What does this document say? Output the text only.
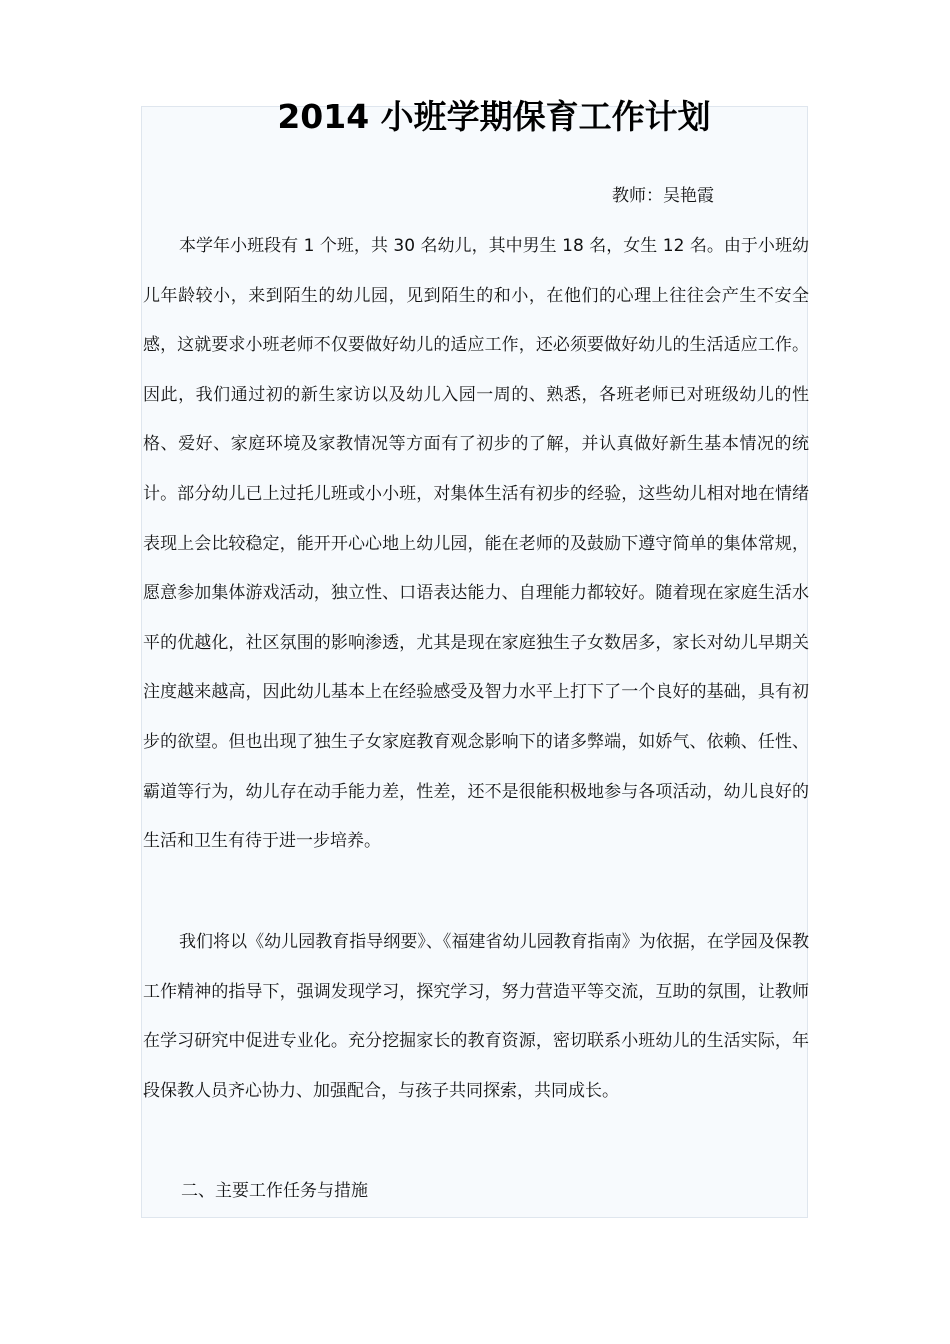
2014 小班学期保育工作计划

教师：吴艳霞

本学年小班段有 1 个班，共 30 名幼儿，其中男生 18 名，女生 12 名。由于小班幼儿年龄较小，来到陌生的幼儿园，见到陌生的和小，在他们的心理上往往会产生不安全感，这就要求小班老师不仅要做好幼儿的适应工作，还必须要做好幼儿的生活适应工作。因此，我们通过初的新生家访以及幼儿入园一周的、熟悉，各班老师已对班级幼儿的性格、爱好、家庭环境及家教情况等方面有了初步的了解，并认真做好新生基本情况的统计。部分幼儿已上过托儿班或小小班，对集体生活有初步的经验，这些幼儿相对地在情绪表现上会比较稳定，能开开心心地上幼儿园，能在老师的及鼓励下遵守简单的集体常规，愿意参加集体游戏活动，独立性、口语表达能力、自理能力都较好。随着现在家庭生活水平的优越化，社区氛围的影响渗透，尤其是现在家庭独生子女数居多，家长对幼儿早期关注度越来越高，因此幼儿基本上在经验感受及智力水平上打下了一个良好的基础，具有初步的欲望。但也出现了独生子女家庭教育观念影响下的诸多弊端，如娇气、依赖、任性、霸道等行为，幼儿存在动手能力差，性差，还不是很能积极地参与各项活动，幼儿良好的生活和卫生有待于进一步培养。

我们将以《幼儿园教育指导纲要》、《福建省幼儿园教育指南》为依据，在学园及保教工作精神的指导下，强调发现学习，探究学习，努力营造平等交流，互助的氛围，让教师在学习研究中促进专业化。充分挖掘家长的教育资源，密切联系小班幼儿的生活实际，年段保教人员齐心协力、加强配合，与孩子共同探索，共同成长。

二、主要工作任务与措施
